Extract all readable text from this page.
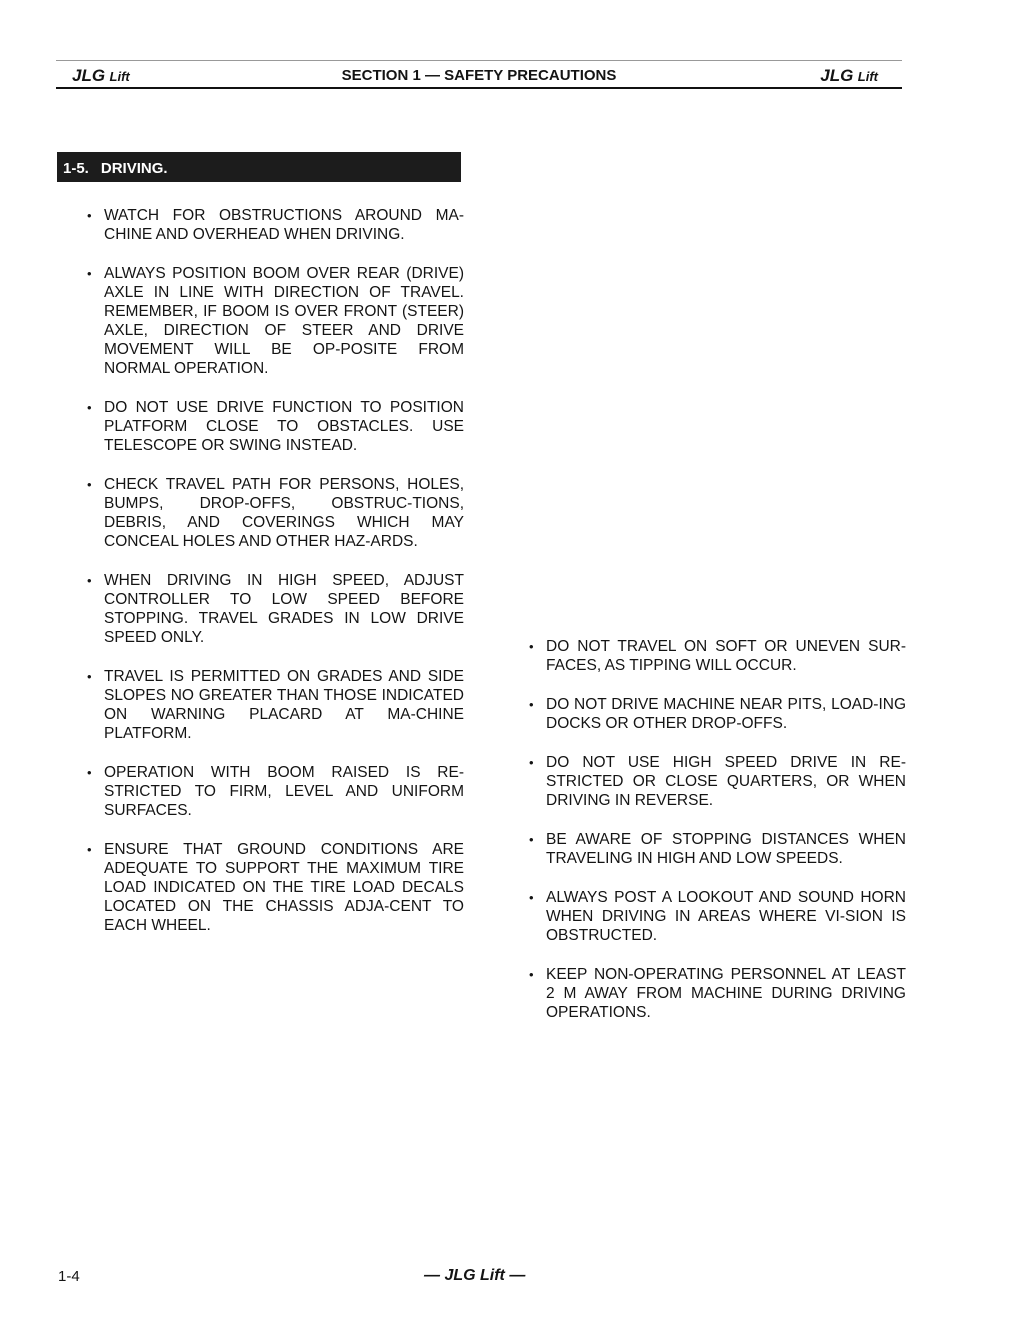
JLG Lift	SECTION 1 — SAFETY PRECAUTIONS	JLG Lift
1-5. DRIVING.
• WATCH FOR OBSTRUCTIONS AROUND MA-CHINE AND OVERHEAD WHEN DRIVING.
• ALWAYS POSITION BOOM OVER REAR (DRIVE) AXLE IN LINE WITH DIRECTION OF TRAVEL. REMEMBER, IF BOOM IS OVER FRONT (STEER) AXLE, DIRECTION OF STEER AND DRIVE MOVEMENT WILL BE OP-POSITE FROM NORMAL OPERATION.
• DO NOT USE DRIVE FUNCTION TO POSITION PLATFORM CLOSE TO OBSTACLES. USE TELESCOPE OR SWING INSTEAD.
• CHECK TRAVEL PATH FOR PERSONS, HOLES, BUMPS, DROP-OFFS, OBSTRUC-TIONS, DEBRIS, AND COVERINGS WHICH MAY CONCEAL HOLES AND OTHER HAZ-ARDS.
• WHEN DRIVING IN HIGH SPEED, ADJUST CONTROLLER TO LOW SPEED BEFORE STOPPING. TRAVEL GRADES IN LOW DRIVE SPEED ONLY.
• TRAVEL IS PERMITTED ON GRADES AND SIDE SLOPES NO GREATER THAN THOSE INDICATED ON WARNING PLACARD AT MA-CHINE PLATFORM.
• OPERATION WITH BOOM RAISED IS RE-STRICTED TO FIRM, LEVEL AND UNIFORM SURFACES.
• ENSURE THAT GROUND CONDITIONS ARE ADEQUATE TO SUPPORT THE MAXIMUM TIRE LOAD INDICATED ON THE TIRE LOAD DECALS LOCATED ON THE CHASSIS ADJA-CENT TO EACH WHEEL.
• DO NOT TRAVEL ON SOFT OR UNEVEN SUR-FACES, AS TIPPING WILL OCCUR.
• DO NOT DRIVE MACHINE NEAR PITS, LOAD-ING DOCKS OR OTHER DROP-OFFS.
• DO NOT USE HIGH SPEED DRIVE IN RE-STRICTED OR CLOSE QUARTERS, OR WHEN DRIVING IN REVERSE.
• BE AWARE OF STOPPING DISTANCES WHEN TRAVELING IN HIGH AND LOW SPEEDS.
• ALWAYS POST A LOOKOUT AND SOUND HORN WHEN DRIVING IN AREAS WHERE VI-SION IS OBSTRUCTED.
• KEEP NON-OPERATING PERSONNEL AT LEAST 2 M AWAY FROM MACHINE DURING DRIVING OPERATIONS.
1-4	— JLG Lift —
